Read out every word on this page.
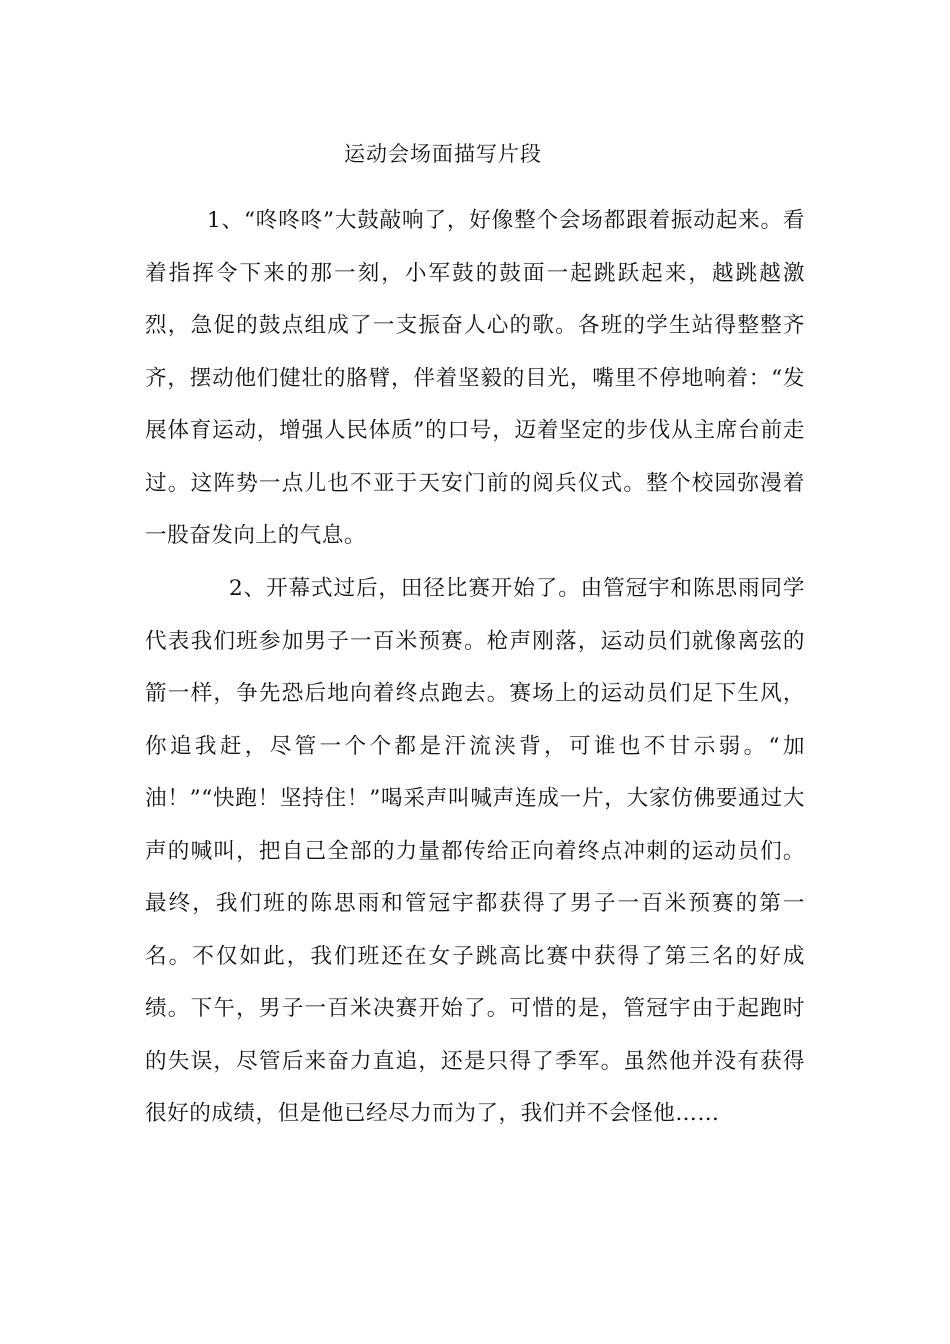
运动会场面描写片段

1、“咚咚咚”大鼓敲响了，好像整个会场都跟着振动起来。看着指挥令下来的那一刻，小军鼓的鼓面一起跳跃起来，越跳越激烈，急促的鼓点组成了一支振奋人心的歌。各班的学生站得整整齐齐，摆动他们健壮的胳臂，伴着坚毅的目光，嘴里不停地响着：“发展体育运动，增强人民体质”的口号，迈着坚定的步伐从主席台前走过。这阵势一点儿也不亚于天安门前的阅兵仪式。整个校园弥漫着一股奋发向上的气息。

2、开幕式过后，田径比赛开始了。由管冠宇和陈思雨同学代表我们班参加男子一百米预赛。枪声刚落，运动员们就像离弦的箭一样，争先恐后地向着终点跑去。赛场上的运动员们足下生风，你追我赶，尽管一个个都是汗流浃背，可谁也不甘示弱。“加油！”“快跑！坚持住！”喝采声叫喊声连成一片，大家仿佛要通过大声的喊叫，把自己全部的力量都传给正向着终点冲刺的运动员们。最终，我们班的陈思雨和管冠宇都获得了男子一百米预赛的第一名。不仅如此，我们班还在女子跳高比赛中获得了第三名的好成绩。下午，男子一百米决赛开始了。可惜的是，管冠宇由于起跑时的失误，尽管后来奋力直追，还是只得了季军。虽然他并没有获得很好的成绩，但是他已经尽力而为了，我们并不会怪他……
